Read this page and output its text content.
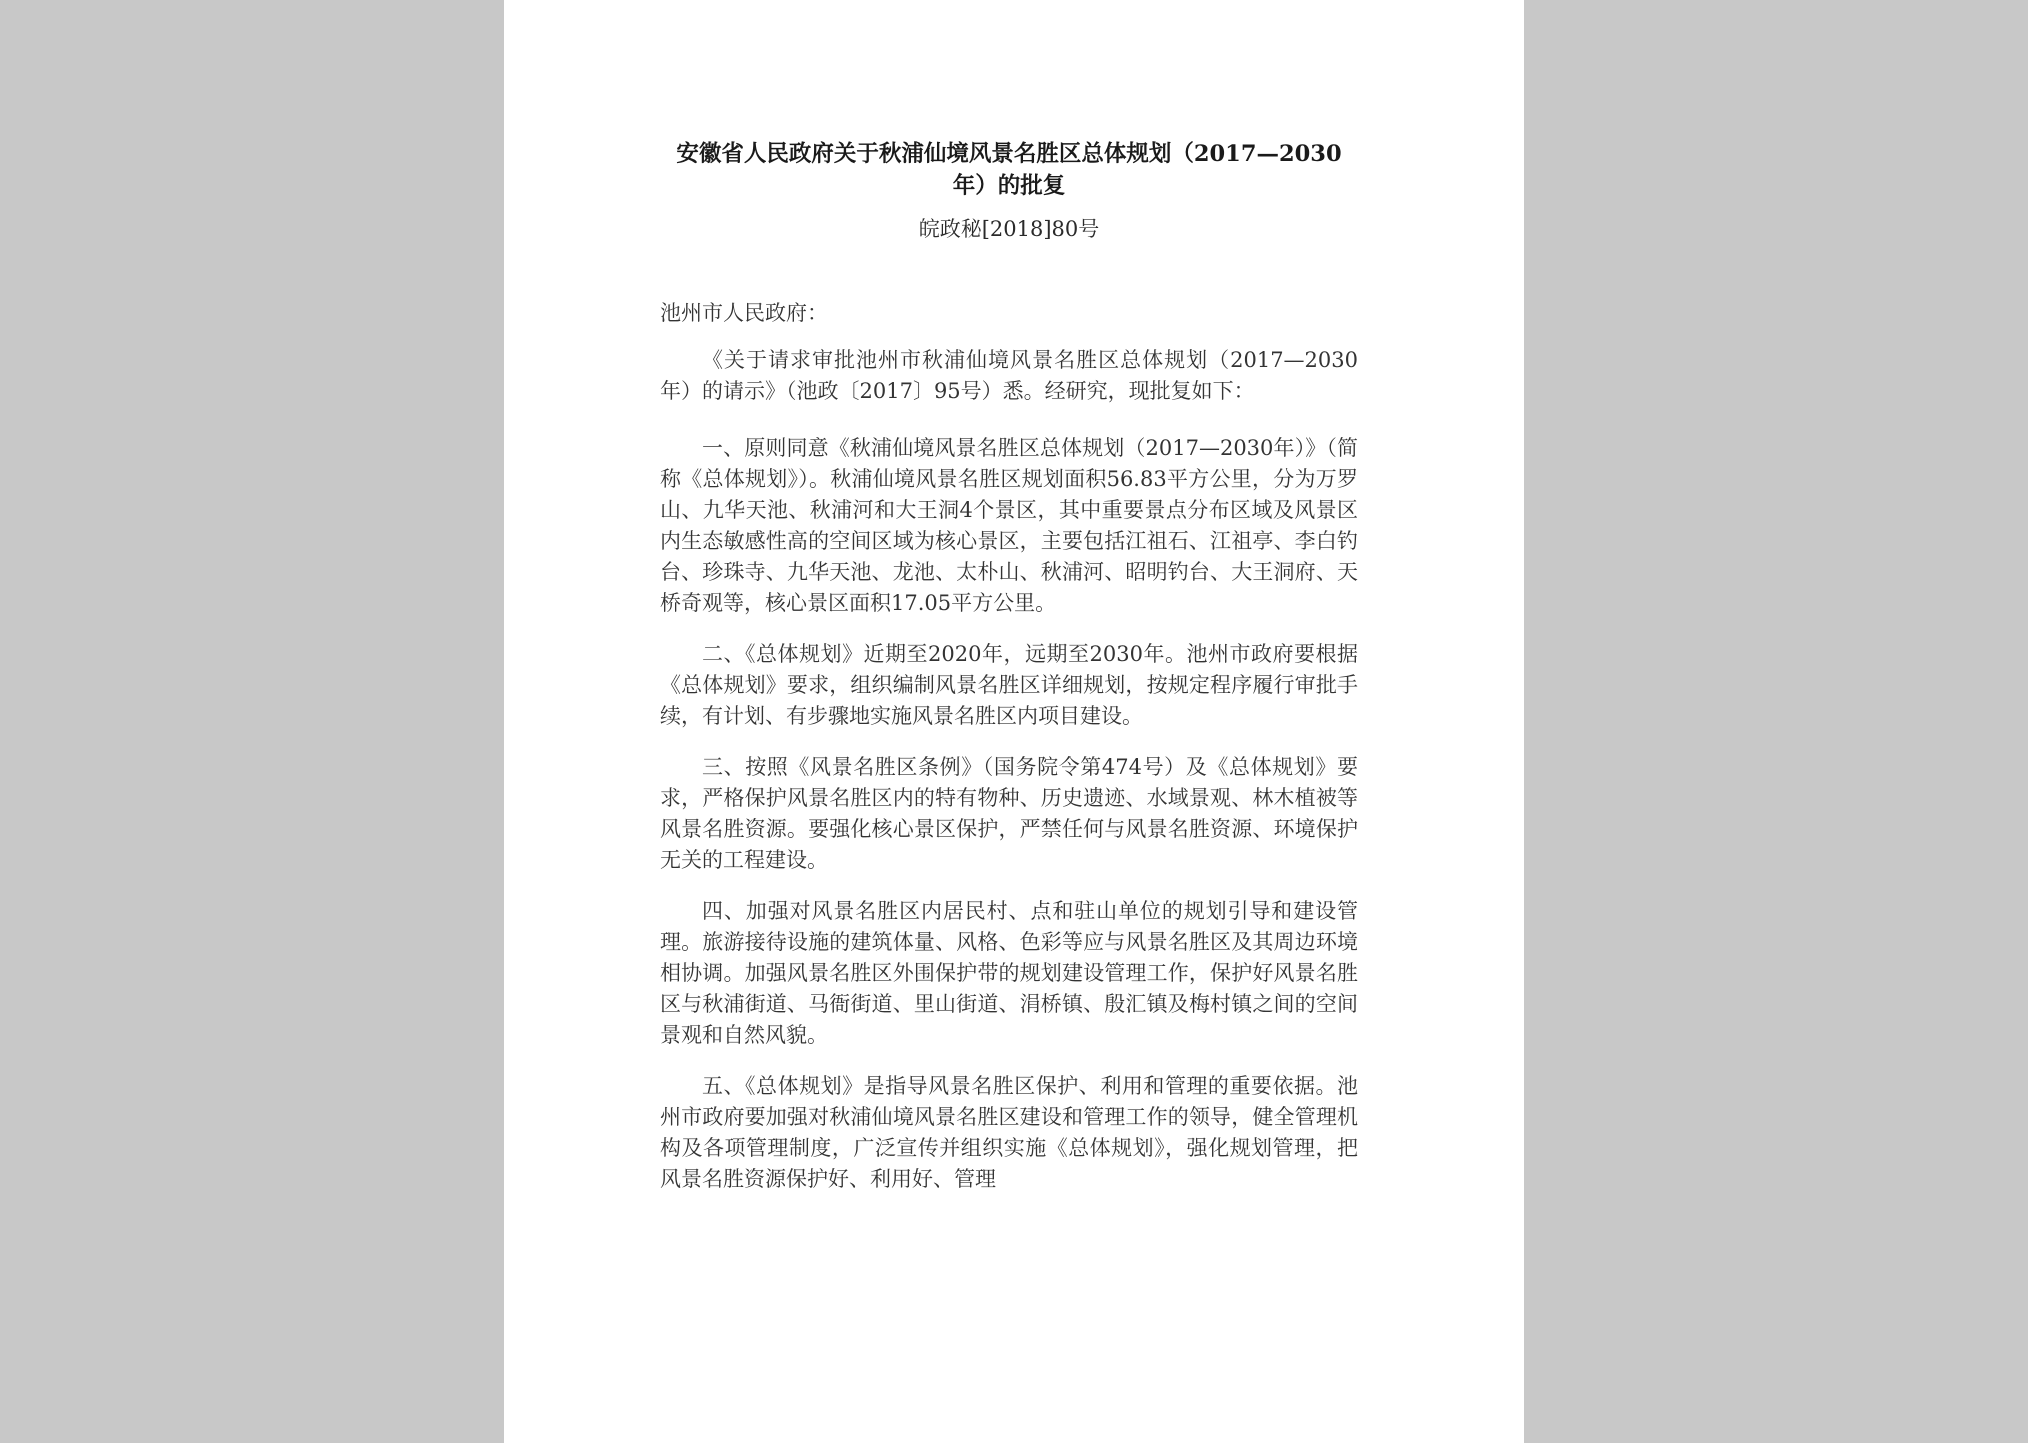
安徽省人民政府关于秋浦仙境风景名胜区总体规划（2017—2030年）的批复
皖政秘[2018]80号
池州市人民政府：

《关于请求审批池州市秋浦仙境风景名胜区总体规划（2017—2030年）的请示》（池政〔2017〕95号）悉。经研究，现批复如下：

一、原则同意《秋浦仙境风景名胜区总体规划（2017—2030年）》（简称《总体规划》）。秋浦仙境风景名胜区规划面积56.83平方公里，分为万罗山、九华天池、秋浦河和大王洞4个景区，其中重要景点分布区域及风景区内生态敏感性高的空间区域为核心景区，主要包括江祖石、江祖亭、李白钓台、珍珠寺、九华天池、龙池、太朴山、秋浦河、昭明钓台、大王洞府、天桥奇观等，核心景区面积17.05平方公里。

二、《总体规划》近期至2020年，远期至2030年。池州市政府要根据《总体规划》要求，组织编制风景名胜区详细规划，按规定程序履行审批手续，有计划、有步骤地实施风景名胜区内项目建设。

三、按照《风景名胜区条例》（国务院令第474号）及《总体规划》要求，严格保护风景名胜区内的特有物种、历史遗迹、水域景观、林木植被等风景名胜资源。要强化核心景区保护，严禁任何与风景名胜资源、环境保护无关的工程建设。

四、加强对风景名胜区内居民村、点和驻山单位的规划引导和建设管理。旅游接待设施的建筑体量、风格、色彩等应与风景名胜区及其周边环境相协调。加强风景名胜区外围保护带的规划建设管理工作，保护好风景名胜区与秋浦街道、马衙街道、里山街道、涓桥镇、殷汇镇及梅村镇之间的空间景观和自然风貌。

五、《总体规划》是指导风景名胜区保护、利用和管理的重要依据。池州市政府要加强对秋浦仙境风景名胜区建设和管理工作的领导，健全管理机构及各项管理制度，广泛宣传并组织实施《总体规划》，强化规划管理，把风景名胜资源保护好、利用好、管理
